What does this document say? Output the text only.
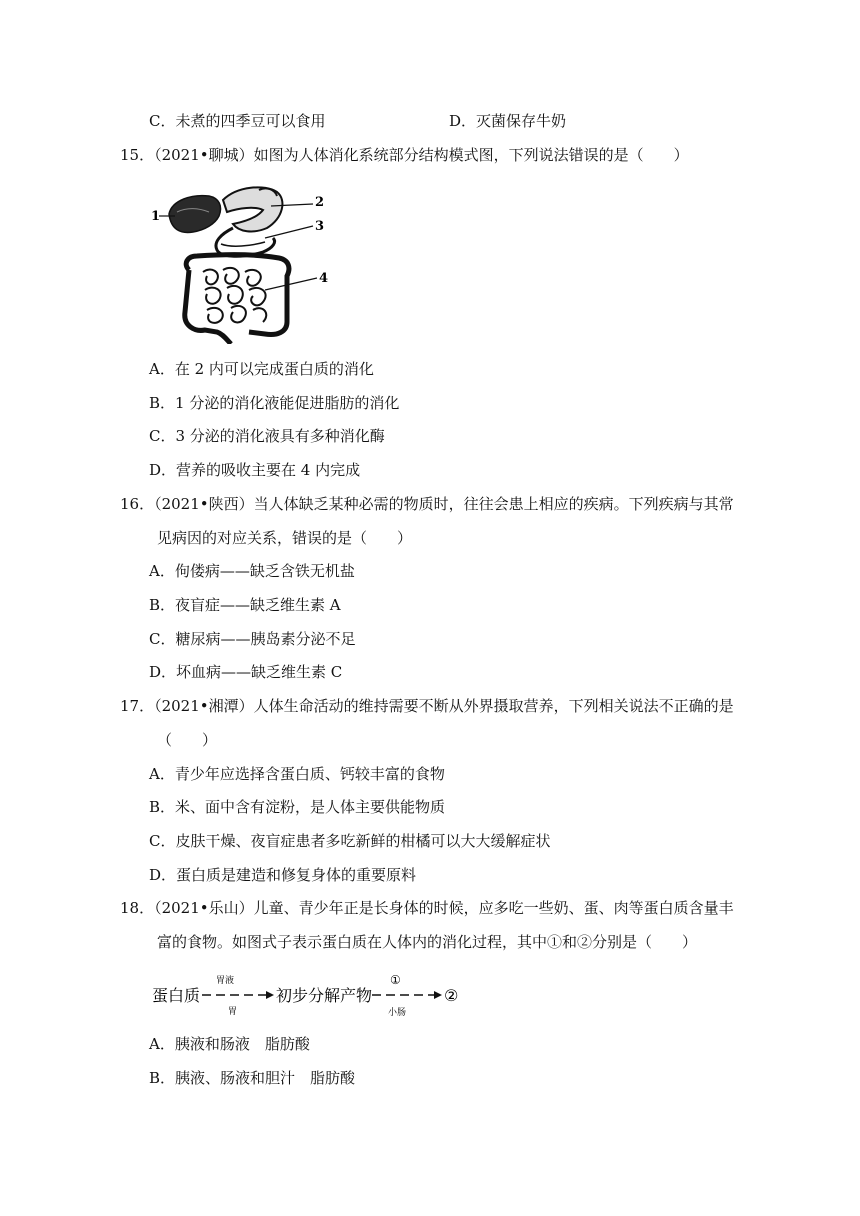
C．未煮的四季豆可以食用	D．灭菌保存牛奶
15．（2021•聊城）如图为人体消化系统部分结构模式图，下列说法错误的是（　　）
1
2
3
4
A．在 2 内可以完成蛋白质的消化
B．1 分泌的消化液能促进脂肪的消化
C．3 分泌的消化液具有多种消化酶
D．营养的吸收主要在 4 内完成
16．（2021•陕西）当人体缺乏某种必需的物质时，往往会患上相应的疾病。下列疾病与其常
见病因的对应关系，错误的是（　　）
A．佝偻病——缺乏含铁无机盐
B．夜盲症——缺乏维生素 A
C．糖尿病——胰岛素分泌不足
D．坏血病——缺乏维生素 C
17．（2021•湘潭）人体生命活动的维持需要不断从外界摄取营养，下列相关说法不正确的是
（　　）
A．青少年应选择含蛋白质、钙较丰富的食物
B．米、面中含有淀粉，是人体主要供能物质
C．皮肤干燥、夜盲症患者多吃新鲜的柑橘可以大大缓解症状
D．蛋白质是建造和修复身体的重要原料
18．（2021•乐山）儿童、青少年正是长身体的时候，应多吃一些奶、蛋、肉等蛋白质含量丰
富的食物。如图式子表示蛋白质在人体内的消化过程，其中①和②分别是（　　）
蛋白质
胃液
胃
初步分解产物
①
小肠
②
A．胰液和肠液　脂肪酸
B．胰液、肠液和胆汁　脂肪酸
